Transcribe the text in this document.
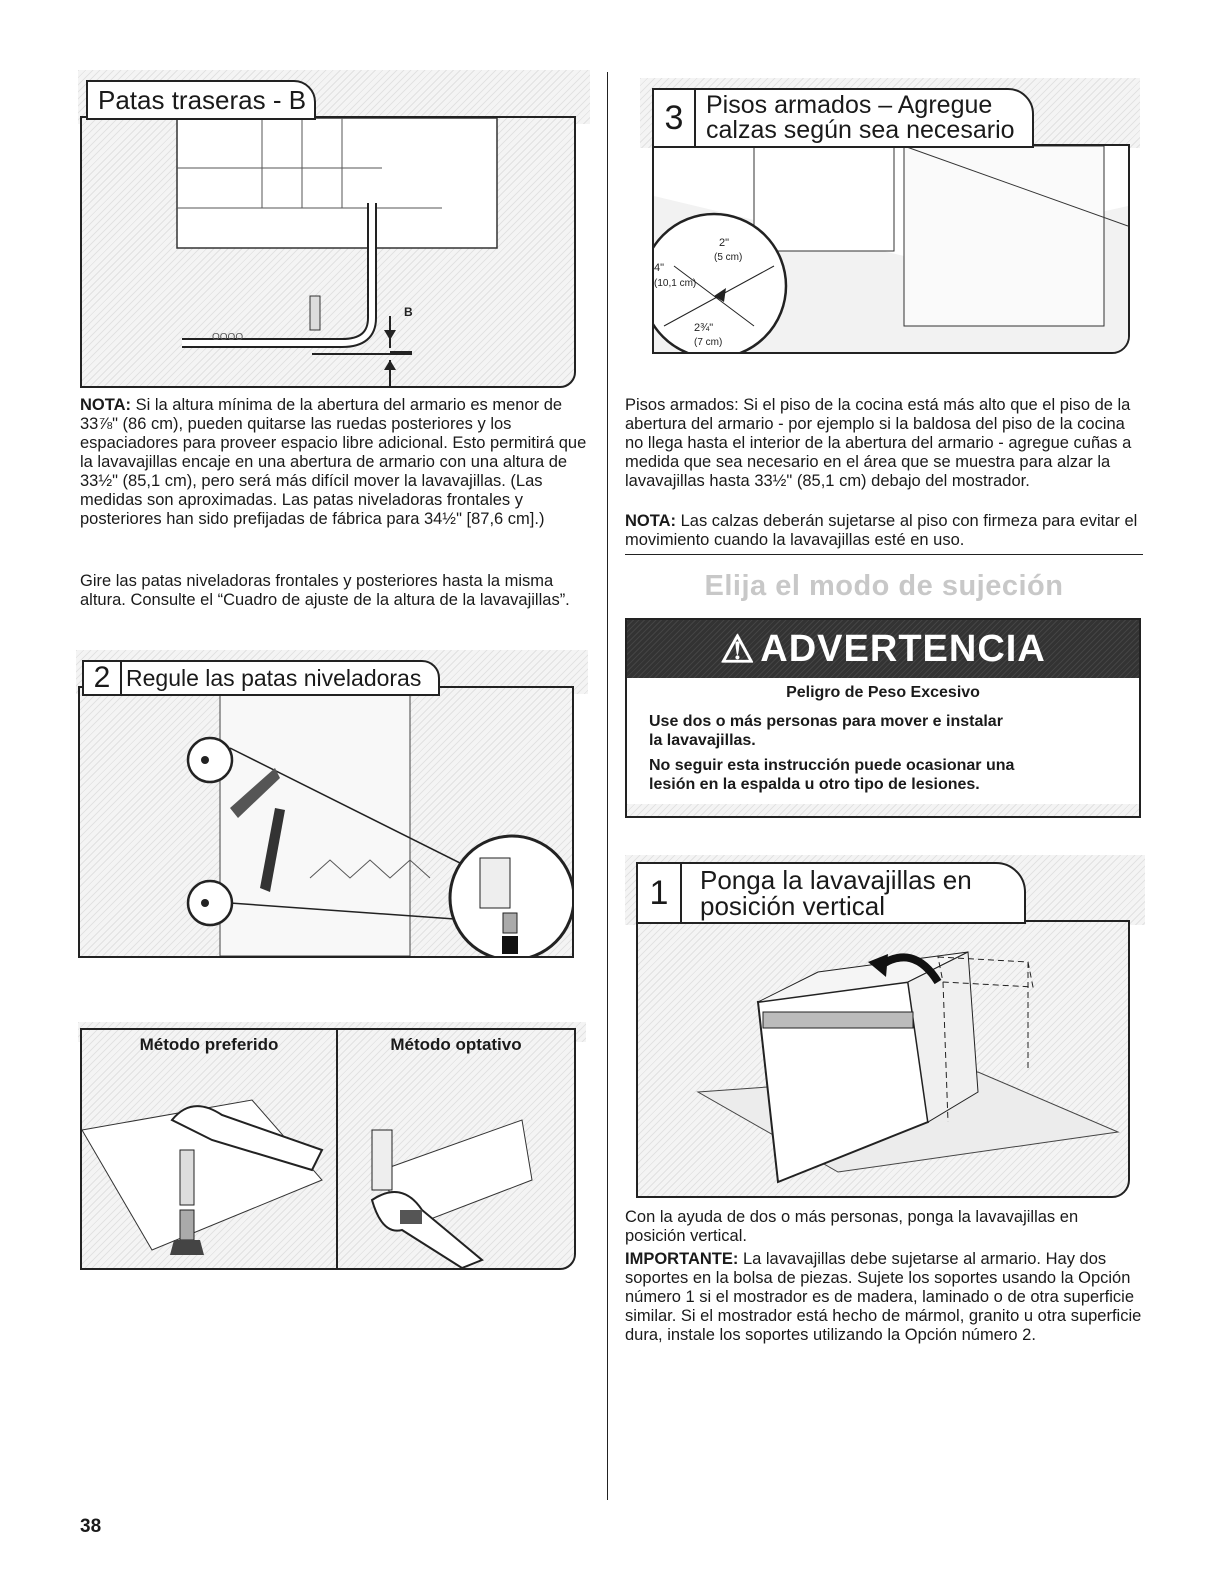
B
OOOO
Patas traseras - B
NOTA: Si la altura mínima de la abertura del armario es menor de 33⅞" (86 cm), pueden quitarse las ruedas posteriores y los espaciadores para proveer espacio libre adicional. Esto permitirá que la lavavajillas encaje en una abertura de armario con una altura de 33½" (85,1 cm), pero será más difícil mover la lavavajillas. (Las medidas son aproximadas. Las patas niveladoras frontales y posteriores han sido prefijadas de fábrica para 34½" [87,6 cm].)
Gire las patas niveladoras frontales y posteriores hasta la misma altura. Consulte el “Cuadro de ajuste de la altura de la lavavajillas”.
2 Regule las patas niveladoras
Método preferido	Método optativo
38
2"
(5 cm)
4"
(10,1 cm)
2¾"
(7 cm)
3 Pisos armados – Agregue
calzas según sea necesario
Pisos armados: Si el piso de la cocina está más alto que el piso de la abertura del armario - por ejemplo si la baldosa del piso de la cocina no llega hasta el interior de la abertura del armario - agregue cuñas a medida que sea necesario en el área que se muestra para alzar la lavavajillas hasta 33½" (85,1 cm) debajo del mostrador.
NOTA: Las calzas deberán sujetarse al piso con firmeza para evitar el movimiento cuando la lavavajillas esté en uso.
Elija el modo de sujeción
⚠ ADVERTENCIA
Peligro de Peso Excesivo
Use dos o más personas para mover e instalar
la lavavajillas.
No seguir esta instrucción puede ocasionar una
lesión en la espalda u otro tipo de lesiones.
1	Ponga la lavavajillas en
posición vertical
Con la ayuda de dos o más personas, ponga la lavavajillas en posición vertical.
IMPORTANTE: La lavavajillas debe sujetarse al armario. Hay dos soportes en la bolsa de piezas. Sujete los soportes usando la Opción número 1 si el mostrador es de madera, laminado o de otra superficie similar. Si el mostrador está hecho de mármol, granito u otra superficie dura, instale los soportes utilizando la Opción número 2.
